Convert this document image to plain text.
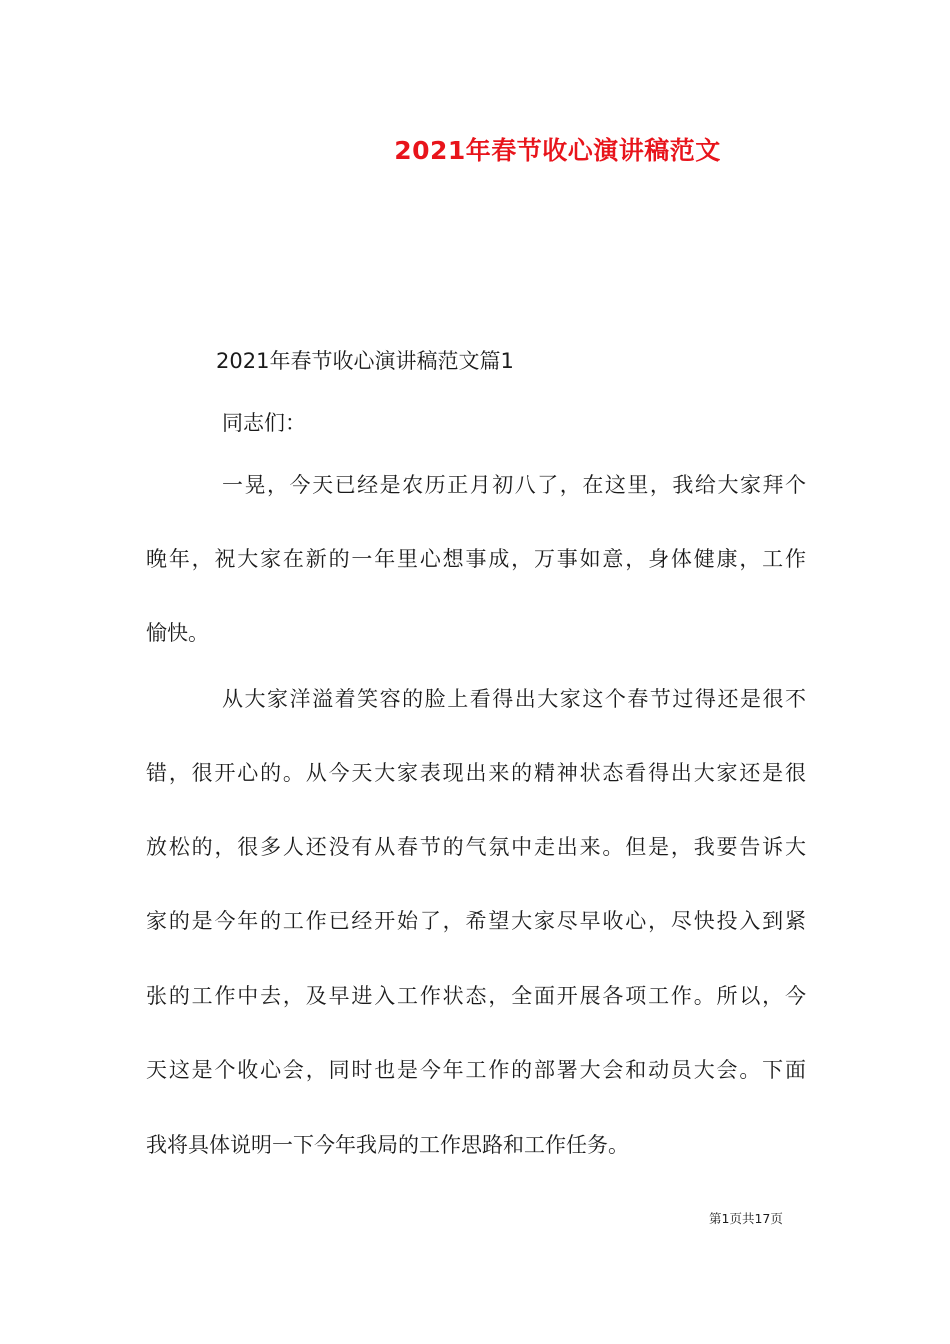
2021年春节收心演讲稿范文
2021年春节收心演讲稿范文篇1
同志们：
一晃，今天已经是农历正月初八了，在这里，我给大家拜个
晚年，祝大家在新的一年里心想事成，万事如意，身体健康，工作
愉快。
从大家洋溢着笑容的脸上看得出大家这个春节过得还是很不
错，很开心的。从今天大家表现出来的精神状态看得出大家还是很
放松的，很多人还没有从春节的气氛中走出来。但是，我要告诉大
家的是今年的工作已经开始了，希望大家尽早收心，尽快投入到紧
张的工作中去，及早进入工作状态，全面开展各项工作。所以，今
天这是个收心会，同时也是今年工作的部署大会和动员大会。下面
我将具体说明一下今年我局的工作思路和工作任务。
第1页共17页
